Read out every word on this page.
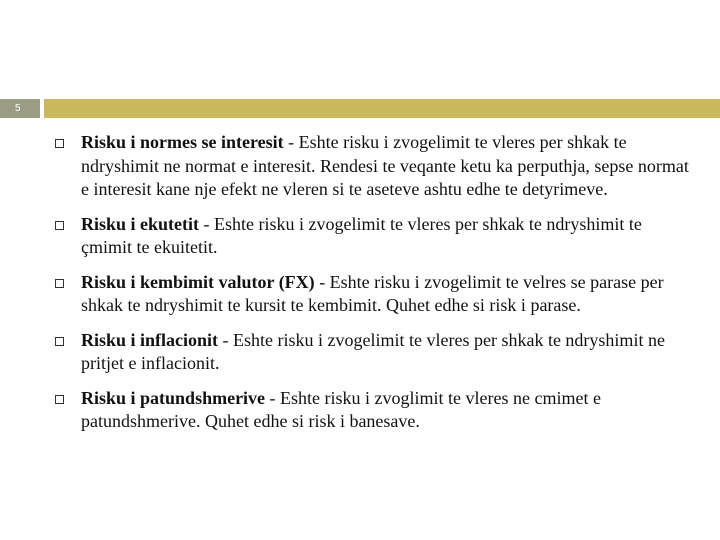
5
Risku i normes se interesit - Eshte risku i zvogelimit te vleres per shkak te ndryshimit ne normat e interesit. Rendesi te veqante ketu ka perputhja, sepse normat e interesit kane nje efekt ne vleren si te aseteve ashtu edhe te detyrimeve.
Risku i ekutetit - Eshte risku i zvogelimit te vleres per shkak te ndryshimit te çmimit te ekuitetit.
Risku i kembimit valutor (FX) - Eshte risku i zvogelimit te velres se parase per shkak te ndryshimit te kursit te kembimit. Quhet edhe si risk i parase.
Risku i inflacionit - Eshte risku i zvogelimit te vleres per shkak te ndryshimit ne pritjet e inflacionit.
Risku i patundshmerive - Eshte risku i zvoglimit te vleres ne cmimet e patundshmerive. Quhet edhe si risk i banesave.
